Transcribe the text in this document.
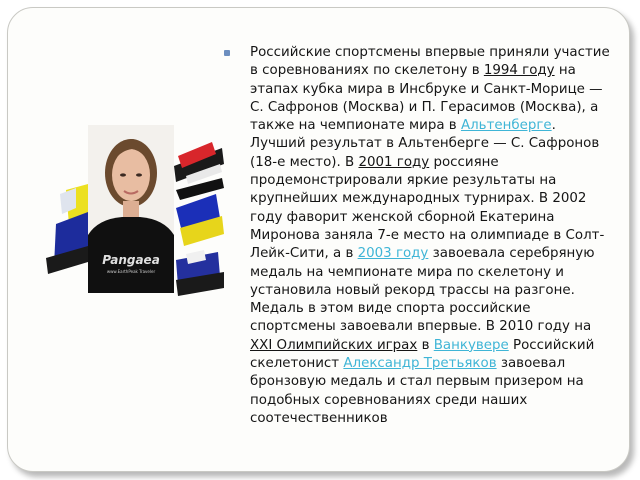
Pangaea
www.EarthPeak Traveler

Российские спортсмены впервые приняли участие в соревнованиях по скелетону в 1994 году на этапах кубка мира в Инсбруке и Санкт-Морице — С. Сафронов (Москва) и П. Герасимов (Москва), а также на чемпионате мира в Альтенберге. Лучший результат в Альтенберге — С. Сафронов (18-е место). В 2001 году россияне продемонстрировали яркие результаты на крупнейших международных турнирах. В 2002 году фаворит женской сборной Екатерина Миронова заняла 7-е место на олимпиаде в Солт-Лейк-Сити, а в 2003 году завоевала серебряную медаль на чемпионате мира по скелетону и установила новый рекорд трассы на разгоне. Медаль в этом виде спорта российские спортсмены завоевали впервые. В 2010 году на XXI Олимпийских играх в Ванкувере Российский скелетонист Александр Третьяков завоевал бронзовую медаль и стал первым призером на подобных соревнованиях среди наших соотечественников
